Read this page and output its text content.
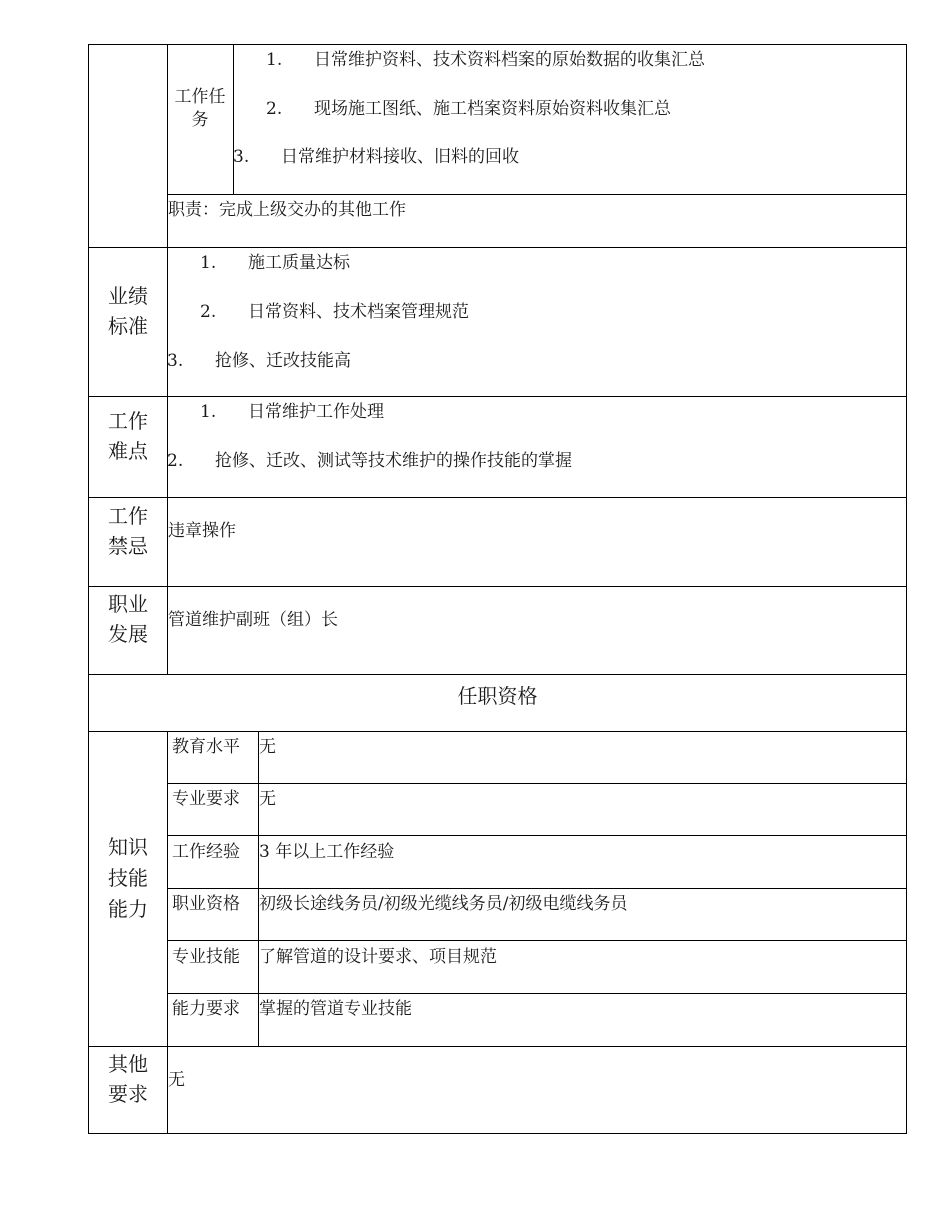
工作任务
1. 日常维护资料、技术资料档案的原始数据的收集汇总
2. 现场施工图纸、施工档案资料原始资料收集汇总
3. 日常维护材料接收、旧料的回收
职责：完成上级交办的其他工作
业绩标准
1. 施工质量达标
2. 日常资料、技术档案管理规范
3. 抢修、迁改技能高
工作难点
1. 日常维护工作处理
2. 抢修、迁改、测试等技术维护的操作技能的掌握
工作禁忌
违章操作
职业发展
管道维护副班（组）长
任职资格
知识技能能力
教育水平 无
专业要求 无
工作经验 3 年以上工作经验
职业资格 初级长途线务员/初级光缆线务员/初级电缆线务员
专业技能 了解管道的设计要求、项目规范
能力要求 掌握的管道专业技能
其他要求
无
